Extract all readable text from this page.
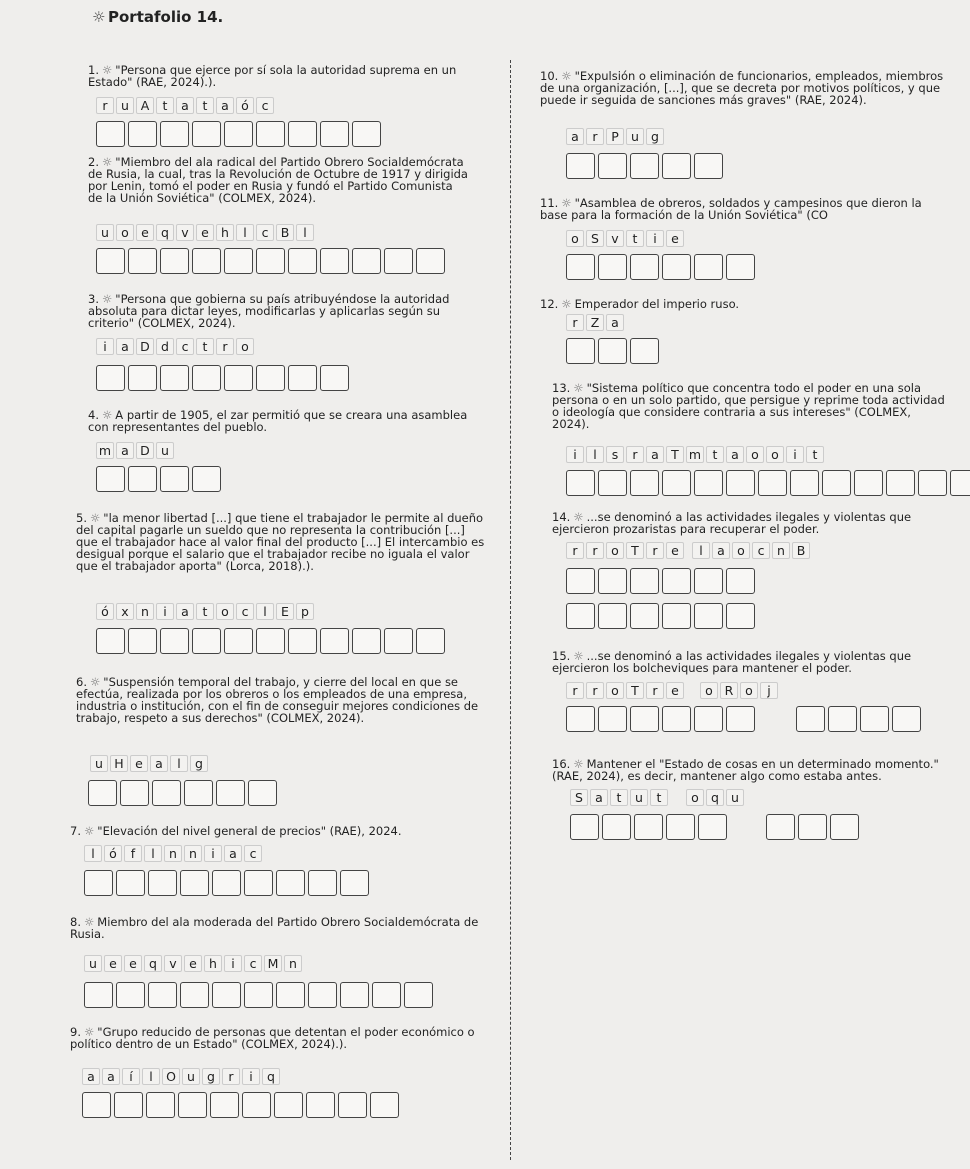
☼ Portafolio 14.
1. ☼ "Persona que ejerce por sí sola la autoridad suprema en un Estado" (RAE, 2024).).
r u A t a t a ó c
2. ☼ "Miembro del ala radical del Partido Obrero Socialdemócrata de Rusia, la cual, tras la Revolución de Octubre de 1917 y dirigida por Lenin, tomó el poder en Rusia y fundó el Partido Comunista de la Unión Soviética" (COLMEX, 2024).
u o e q v e h l c B l
3. ☼ "Persona que gobierna su país atribuyéndose la autoridad absoluta para dictar leyes, modificarlas y aplicarlas según su criterio" (COLMEX, 2024).
i a D d c t r o
4. ☼ A partir de 1905, el zar permitió que se creara una asamblea con representantes del pueblo.
m a D u
5. ☼ "la menor libertad [...] que tiene el trabajador le permite al dueño del capital pagarle un sueldo que no representa la contribución [...] que el trabajador hace al valor final del producto [...] El intercambio es desigual porque el salario que el trabajador recibe no iguala el valor que el trabajador aporta" (Lorca, 2018).).
ó x n i a t o c l E p
6. ☼ "Suspensión temporal del trabajo, y cierre del local en que se efectúa, realizada por los obreros o los empleados de una empresa, industria o institución, con el fin de conseguir mejores condiciones de trabajo, respeto a sus derechos" (COLMEX, 2024).
u H e a l g
7. ☼ "Elevación del nivel general de precios" (RAE), 2024.
l ó f l n n i a c
8. ☼ Miembro del ala moderada del Partido Obrero Socialdemócrata de Rusia.
u e e q v e h i c M n
9. ☼ "Grupo reducido de personas que detentan el poder económico o político dentro de un Estado" (COLMEX, 2024).).
a a í l O u g r i q
10. ☼ "Expulsión o eliminación de funcionarios, empleados, miembros de una organización, [...], que se decreta por motivos políticos, y que puede ir seguida de sanciones más graves" (RAE, 2024).
a r P u g
11. ☼ "Asamblea de obreros, soldados y campesinos que dieron la base para la formación de la Unión Soviética" (CO
o S v t i e
12. ☼ Emperador del imperio ruso.
r Z a
13. ☼ "Sistema político que concentra todo el poder en una sola persona o en un solo partido, que persigue y reprime toda actividad o ideología que considere contraria a sus intereses" (COLMEX, 2024).
i l s r a T m t a o o i t
14. ☼ ...se denominó a las actividades ilegales y violentas que ejercieron prozaristas para recuperar el poder.
r r o T r e	l a o c n B
15. ☼ ...se denominó a las actividades ilegales y violentas que ejercieron los bolcheviques para mantener el poder.
r r o T r e	o R o j
16. ☼ Mantener el "Estado de cosas en un determinado momento." (RAE, 2024), es decir, mantener algo como estaba antes.
S a t u t	o q u
